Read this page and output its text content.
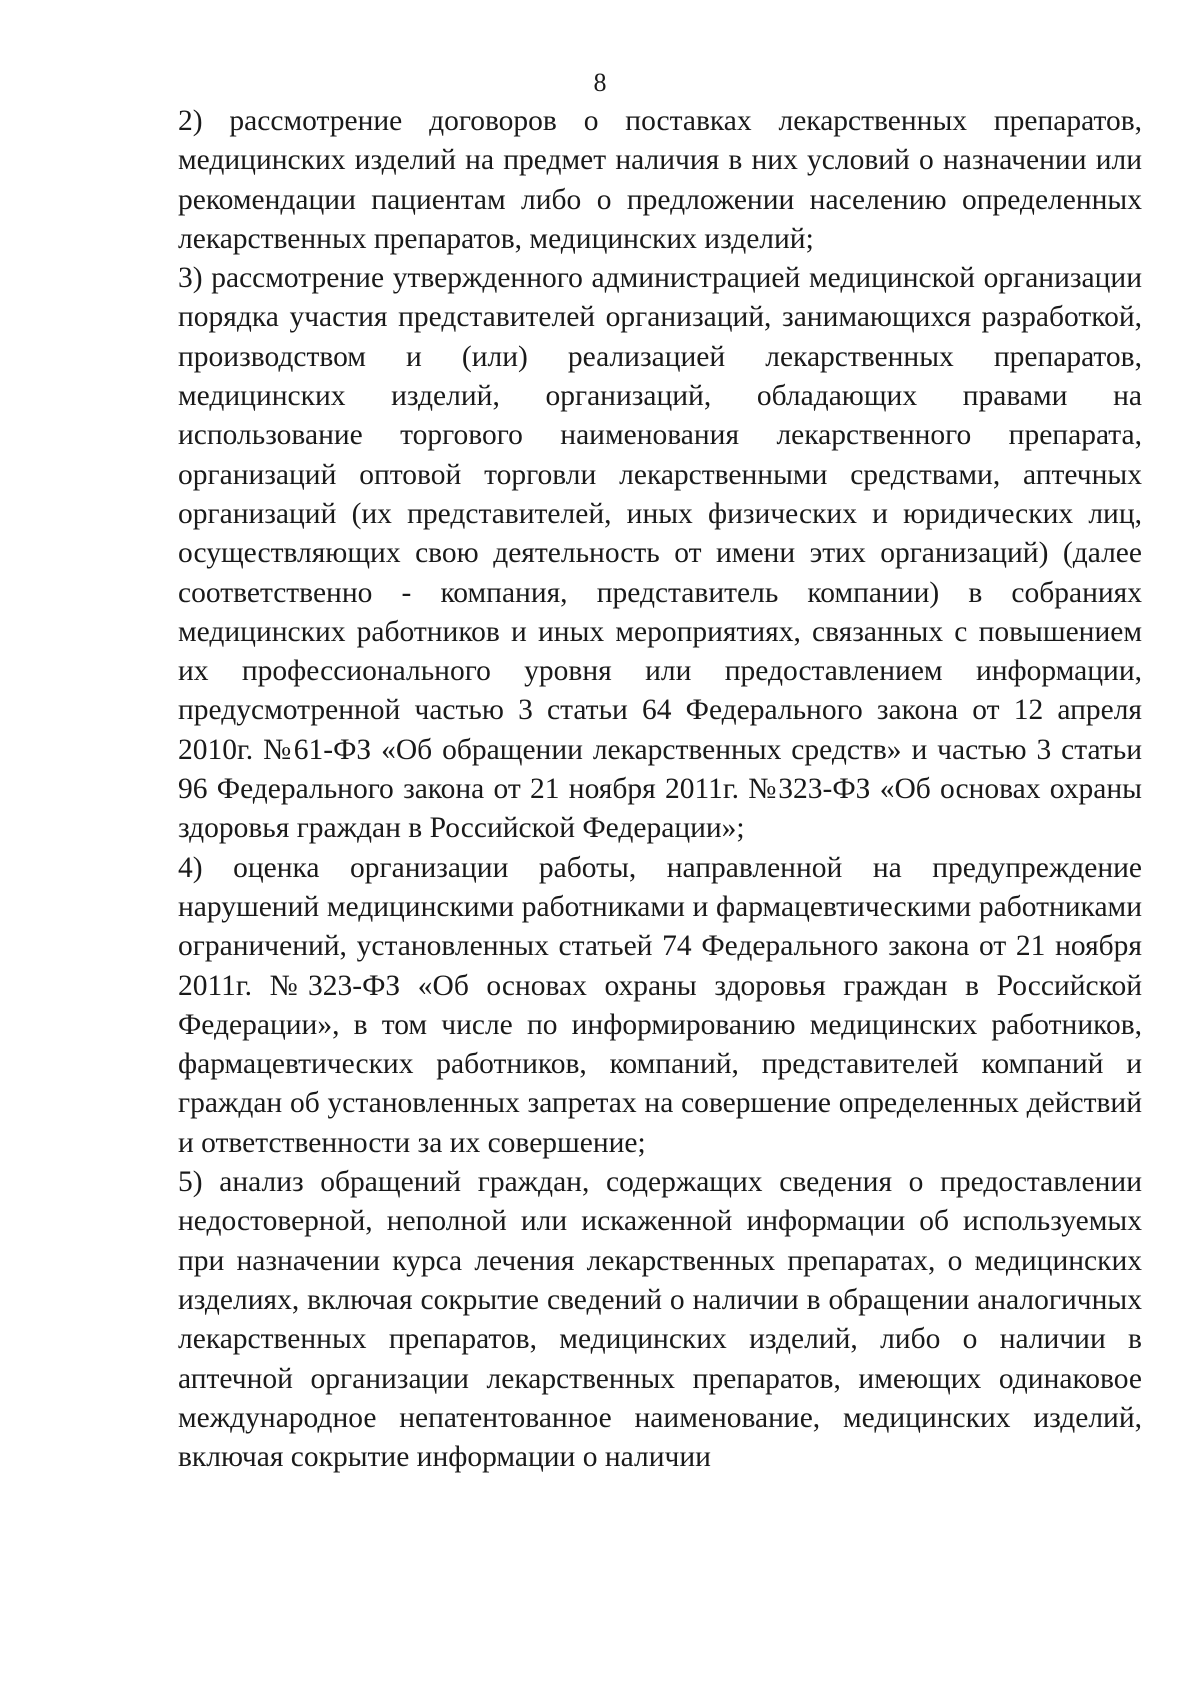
8

2) рассмотрение договоров о поставках лекарственных препаратов, медицинских изделий на предмет наличия в них условий о назначении или рекомендации пациентам либо о предложении населению определенных лекарственных препаратов, медицинских изделий;

3) рассмотрение утвержденного администрацией медицинской организации порядка участия представителей организаций, занимающихся разработкой, производством и (или) реализацией лекарственных препаратов, медицинских изделий, организаций, обладающих правами на использование торгового наименования лекарственного препарата, организаций оптовой торговли лекарственными средствами, аптечных организаций (их представителей, иных физических и юридических лиц, осуществляющих свою деятельность от имени этих организаций) (далее соответственно - компания, представитель компании) в собраниях медицинских работников и иных мероприятиях, связанных с повышением их профессионального уровня или предоставлением информации, предусмотренной частью 3 статьи 64 Федерального закона от 12 апреля 2010г. №61-ФЗ «Об обращении лекарственных средств» и частью 3 статьи 96 Федерального закона от 21 ноября 2011г. №323-ФЗ «Об основах охраны здоровья граждан в Российской Федерации»;

4) оценка организации работы, направленной на предупреждение нарушений медицинскими работниками и фармацевтическими работниками ограничений, установленных статьей 74 Федерального закона от 21 ноября 2011г. №323-ФЗ «Об основах охраны здоровья граждан в Российской Федерации», в том числе по информированию медицинских работников, фармацевтических работников, компаний, представителей компаний и граждан об установленных запретах на совершение определенных действий и ответственности за их совершение;

5) анализ обращений граждан, содержащих сведения о предоставлении недостоверной, неполной или искаженной информации об используемых при назначении курса лечения лекарственных препаратах, о медицинских изделиях, включая сокрытие сведений о наличии в обращении аналогичных лекарственных препаратов, медицинских изделий, либо о наличии в аптечной организации лекарственных препаратов, имеющих одинаковое международное непатентованное наименование, медицинских изделий, включая сокрытие информации о наличии
